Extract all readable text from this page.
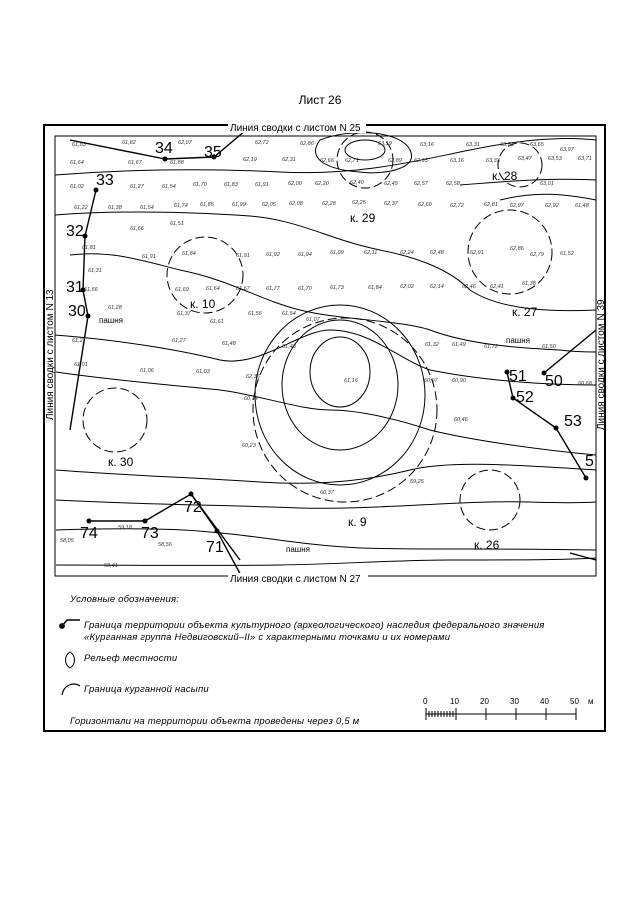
Лист 26
34 35
33
32
31
30
51 50
52
53
5
72
74	73
71
к. 28
к. 29
к. 10
к. 27
к. 30
к. 9
к. 26
пашня
пашня
пашня
Линия сводки с листом N 25
Линия сводки с листом N 27
Линия сводки с листом N 13	Линия сводки с листом N 39
61,83	61,82	62,07	62,72	62,86	63,19	63,16	63,31	63,81	63,65
63,97
61,64	61,67	61,88	62,19	62,31	62,66 62,71	62,89 62,93	63,16	63,33	63,47	63,53	63,71
61,02	61,27	61,54	61,70	61,83	61,91	62,00 62,20	62,40	62,45	62,57	62,58	63,01
61,22	61,38	61,54	61,74 61,85	61,99	62,05 62,08	62,28	62,25	62,37	62,60	62,72	62,81 62,97	62,92	61,48
61,66
61,51
61,81
61,91	61,84	61,91	61,92	61,94	61,99	62,11	62,24	62,48	62,91
62,86
62,79	61,52
61,31
61,56	61,69	61,64	61,67	61,77	61,70	61,73	61,84	62,02	62,14	62,46	62,41	61,38
61,28
61,37
61,61
61,56	61,54
61,07
61,21	61,27	61,48	61,43	61,32 61,49	61,72	61,50
60,68
61,01
61,06	61,03
62,36
61,16	60,97	60,90
60,74
60,46
60,23
60,37
59,25
59,18
58,05
58,56
58,41
0	10	20	30	40	50 м
Условные обозначения:
Граница территории объекта культурного (археологического) наследия федерального значения
«Курганная группа Недвиговский–II» с характерными точками и их номерами
Рельеф местности
Граница курганной насыпи
Горизонтали на территории объекта проведены через 0,5 м
